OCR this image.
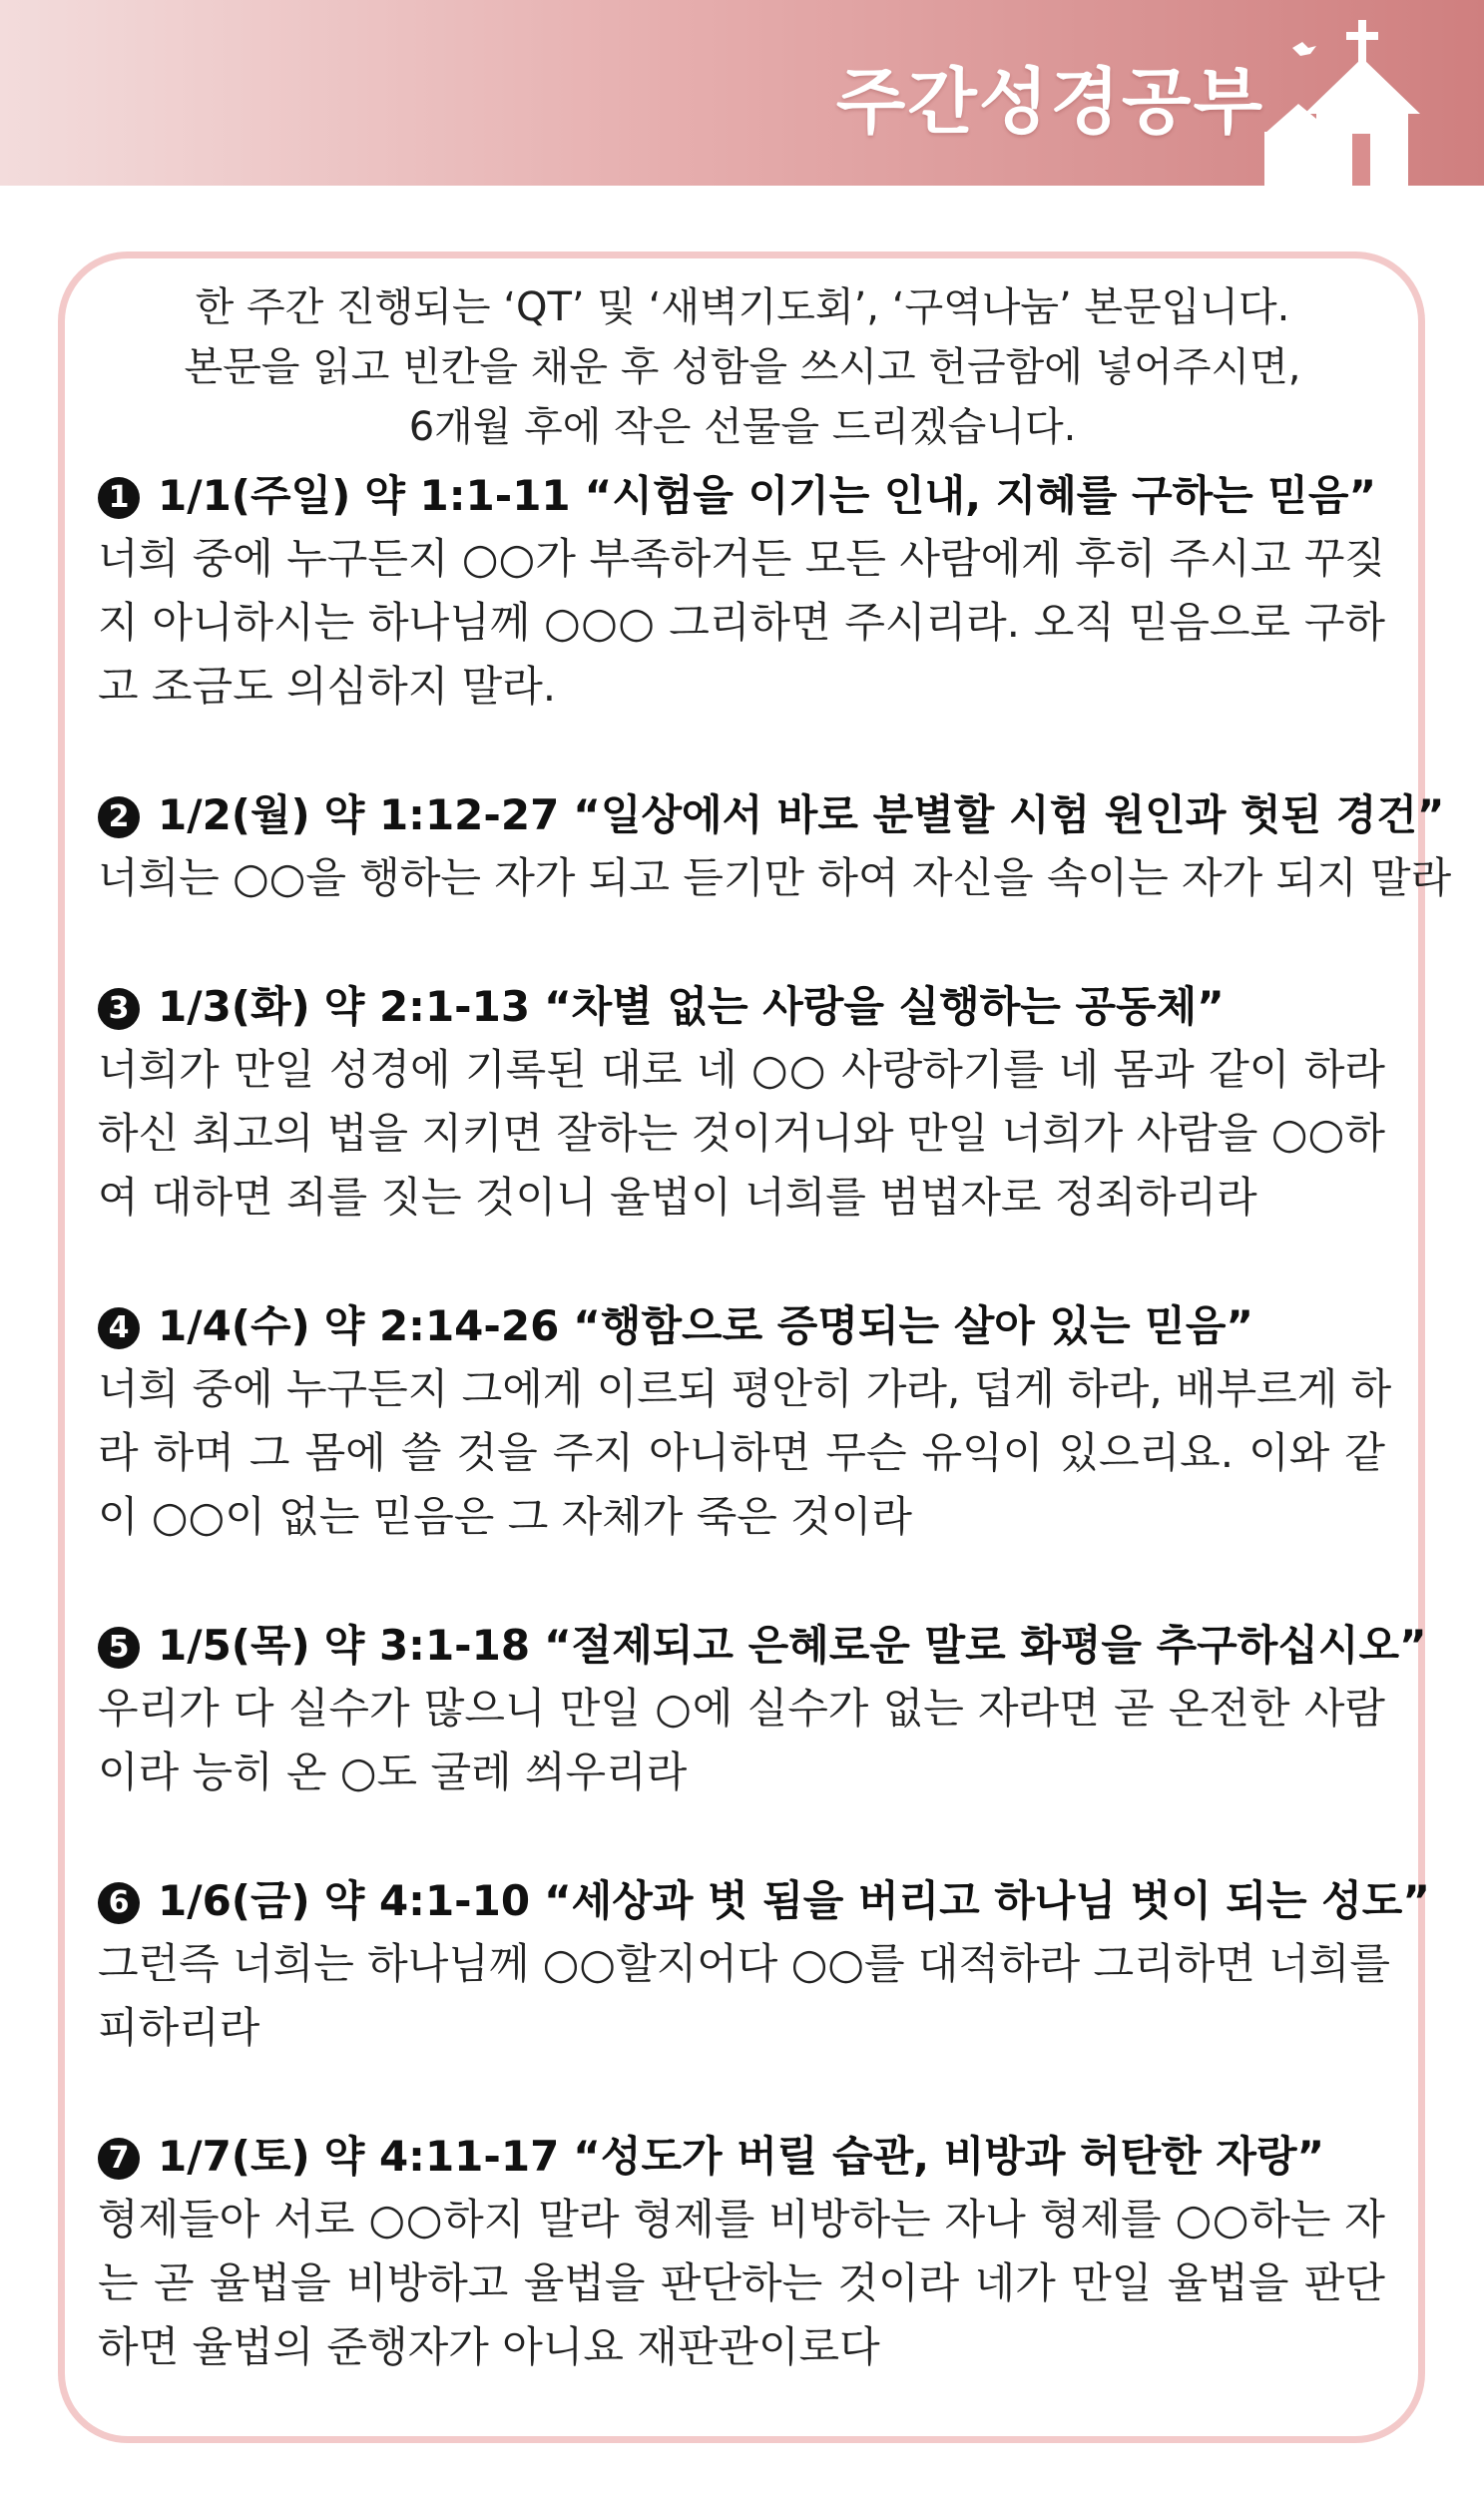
주간성경공부
한 주간 진행되는 ‘QT’ 및 ‘새벽기도회’, ‘구역나눔’ 본문입니다.
본문을 읽고 빈칸을 채운 후 성함을 쓰시고 헌금함에 넣어주시면,
6개월 후에 작은 선물을 드리겠습니다.
1 1/1(주일) 약 1:1-11 “시험을 이기는 인내, 지혜를 구하는 믿음”
너희 중에 누구든지 ○○가 부족하거든 모든 사람에게 후히 주시고 꾸짖
지 아니하시는 하나님께 ○○○ 그리하면 주시리라. 오직 믿음으로 구하
고 조금도 의심하지 말라.
2 1/2(월) 약 1:12-27 “일상에서 바로 분별할 시험 원인과 헛된 경건”
너희는 ○○을 행하는 자가 되고 듣기만 하여 자신을 속이는 자가 되지 말라
3 1/3(화) 약 2:1-13 “차별 없는 사랑을 실행하는 공동체”
너희가 만일 성경에 기록된 대로 네 ○○ 사랑하기를 네 몸과 같이 하라
하신 최고의 법을 지키면 잘하는 것이거니와 만일 너희가 사람을 ○○하
여 대하면 죄를 짓는 것이니 율법이 너희를 범법자로 정죄하리라
4 1/4(수) 약 2:14-26 “행함으로 증명되는 살아 있는 믿음”
너희 중에 누구든지 그에게 이르되 평안히 가라, 덥게 하라, 배부르게 하
라 하며 그 몸에 쓸 것을 주지 아니하면 무슨 유익이 있으리요. 이와 같
이 ○○이 없는 믿음은 그 자체가 죽은 것이라
5 1/5(목) 약 3:1-18 “절제되고 은혜로운 말로 화평을 추구하십시오”
우리가 다 실수가 많으니 만일 ○에 실수가 없는 자라면 곧 온전한 사람
이라 능히 온 ○도 굴레 씌우리라
6 1/6(금) 약 4:1-10 “세상과 벗 됨을 버리고 하나님 벗이 되는 성도”
그런즉 너희는 하나님께 ○○할지어다 ○○를 대적하라 그리하면 너희를
피하리라
7 1/7(토) 약 4:11-17 “성도가 버릴 습관, 비방과 허탄한 자랑”
형제들아 서로 ○○하지 말라 형제를 비방하는 자나 형제를 ○○하는 자
는 곧 율법을 비방하고 율법을 판단하는 것이라 네가 만일 율법을 판단
하면 율법의 준행자가 아니요 재판관이로다
